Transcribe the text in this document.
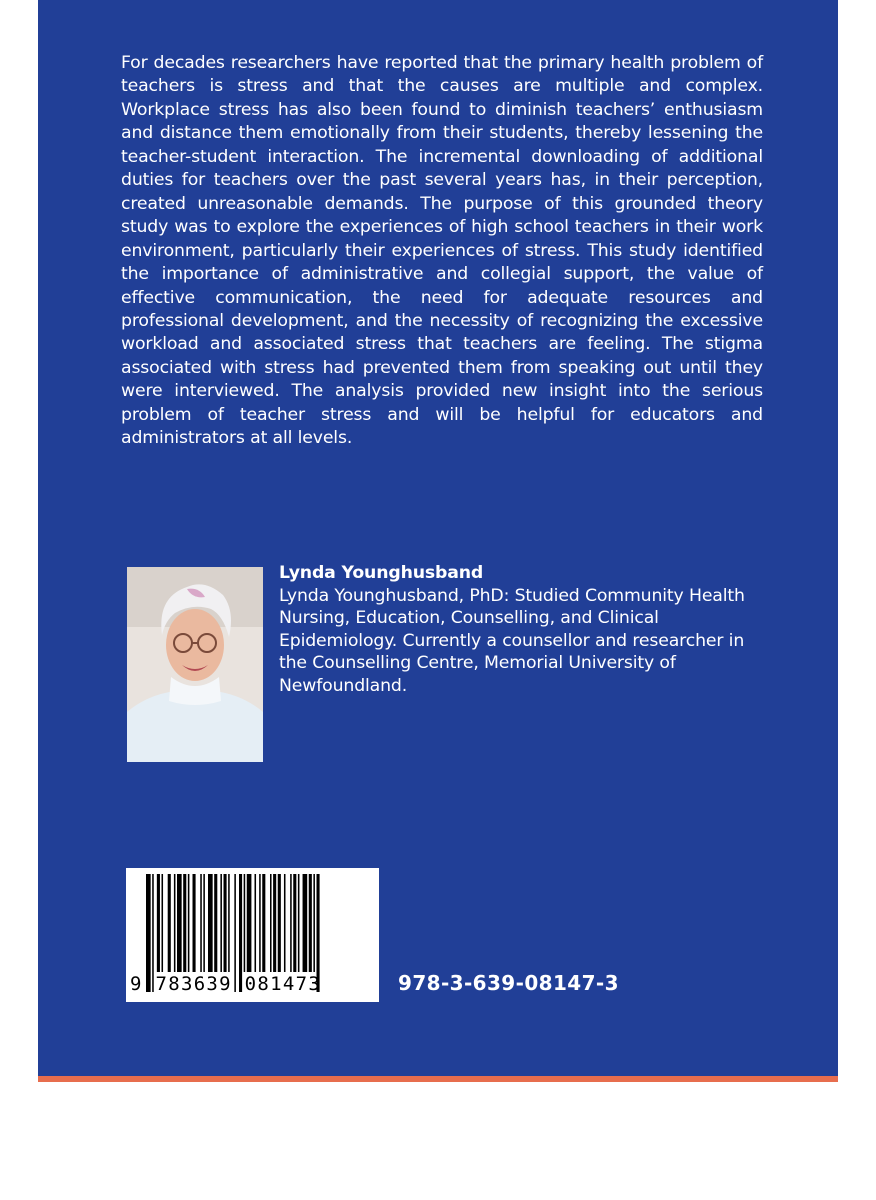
For decades researchers have reported that the primary health problem of teachers is stress and that the causes are multiple and complex. Workplace stress has also been found to diminish teachers’ enthusiasm and distance them emotionally from their students, thereby lessening the teacher-student interaction. The incremental downloading of additional duties for teachers over the past several years has, in their perception, created unreasonable demands. The purpose of this grounded theory study was to explore the experiences of high school teachers in their work environment, particularly their experiences of stress. This study identified the importance of administrative and collegial support, the value of effective communication, the need for adequate resources and professional development, and the necessity of recognizing the excessive workload and associated stress that teachers are feeling. The stigma associated with stress had prevented them from speaking out until they were interviewed. The analysis provided new insight into the serious problem of teacher stress and will be helpful for educators and administrators at all levels.

Lynda Younghusband
Lynda Younghusband, PhD: Studied Community Health Nursing, Education, Counselling, and Clinical Epidemiology. Currently a counsellor and researcher in the Counselling Centre, Memorial University of Newfoundland.
9 783639 081473	978-3-639-08147-3
